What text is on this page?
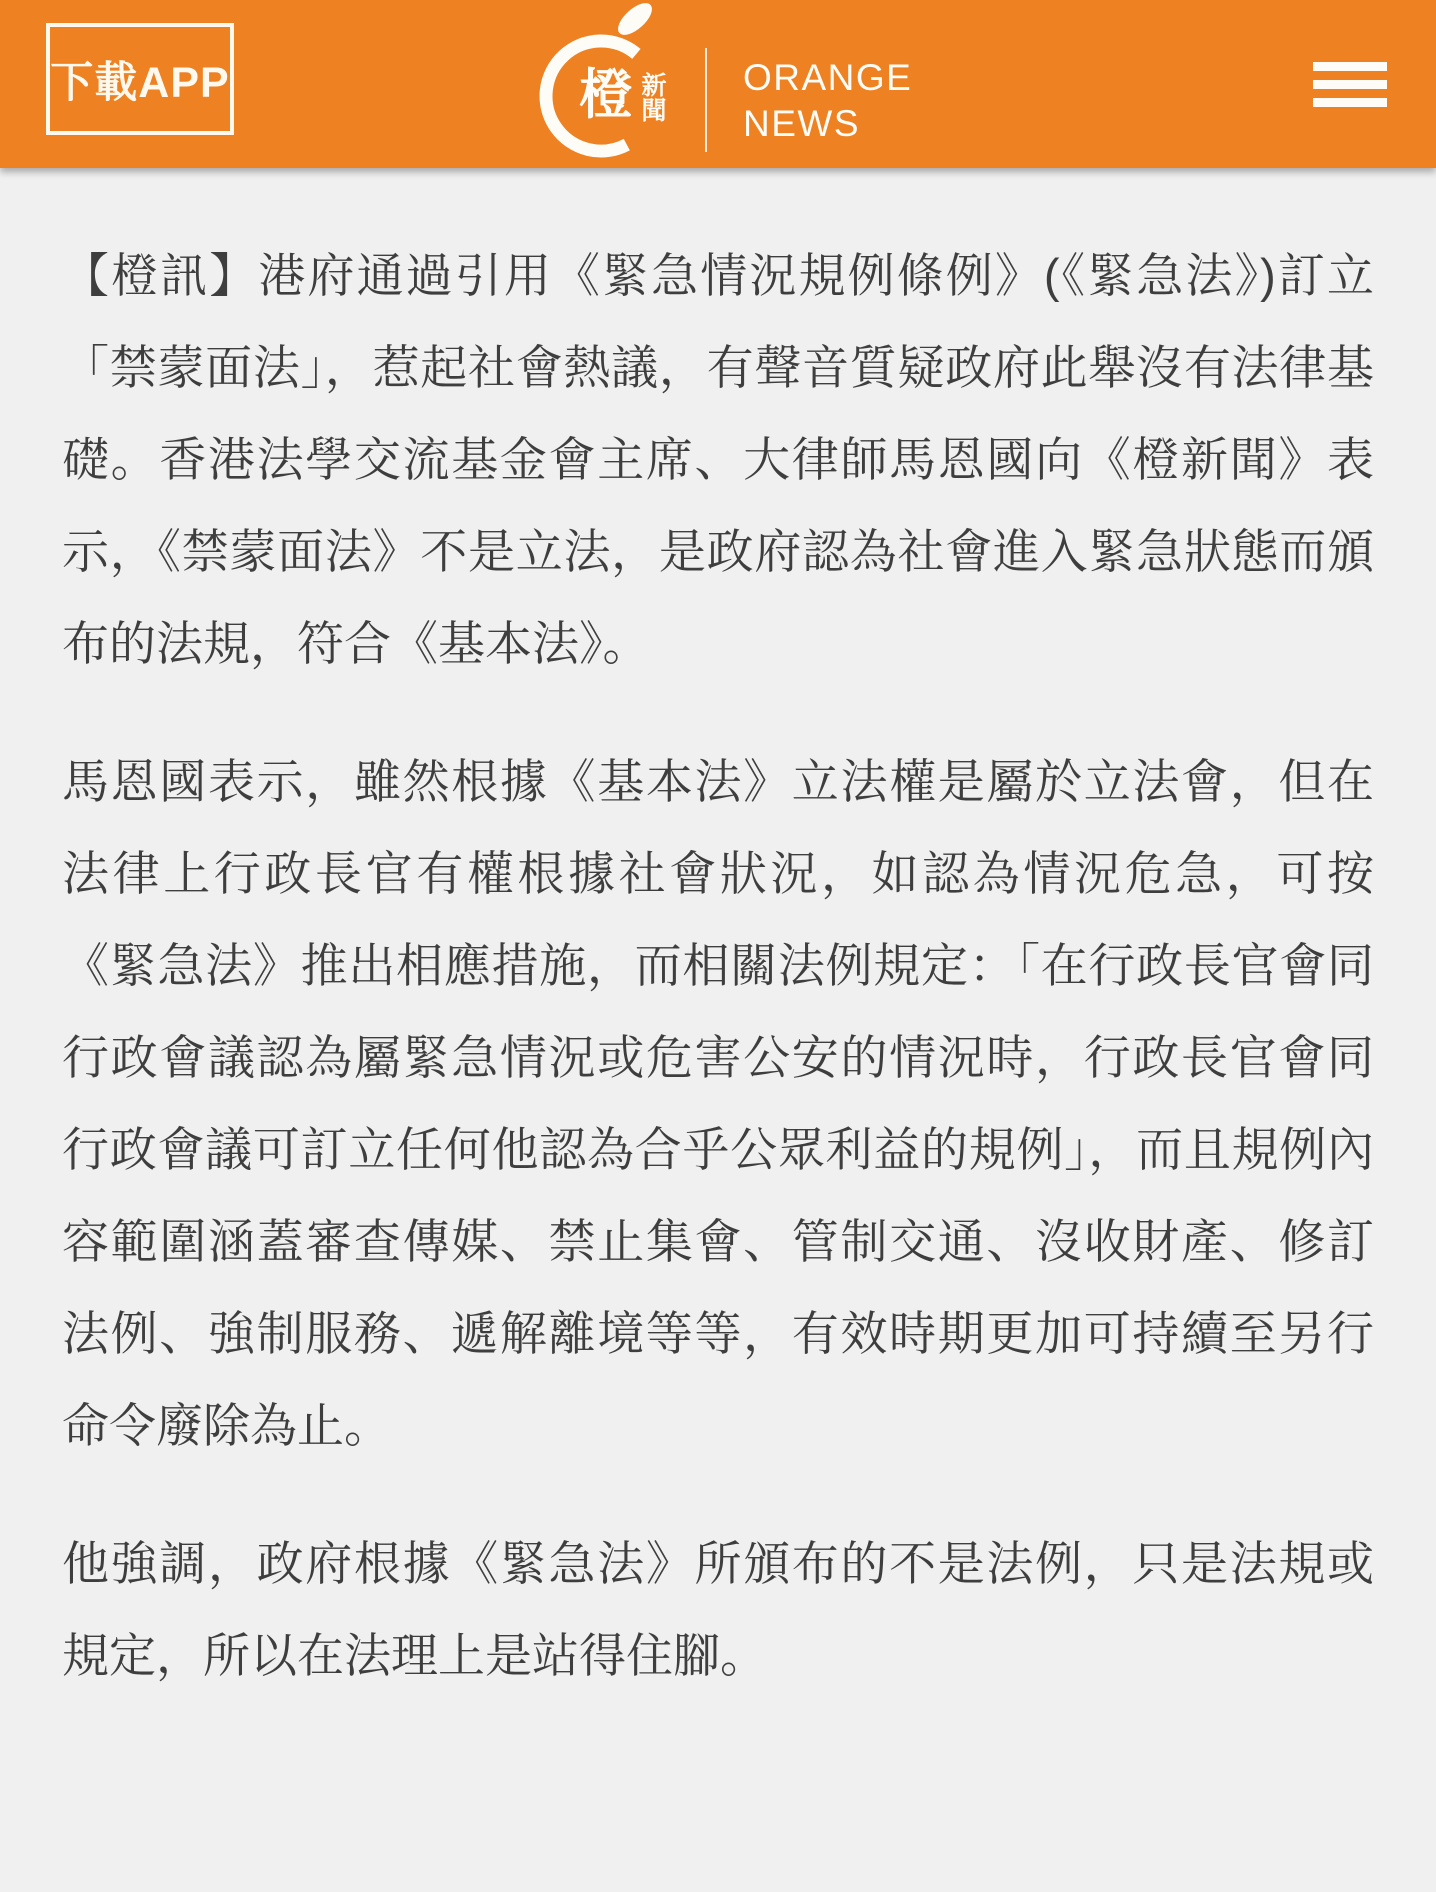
下載APP	橙 新
聞
ORANGE
NEWS

【橙訊】港府通過引用《緊急情況規例條例》(《緊急法》)訂立「禁蒙面法」，惹起社會熱議，有聲音質疑政府此舉沒有法律基礎。香港法學交流基金會主席、大律師馬恩國向《橙新聞》表示，《禁蒙面法》不是立法，是政府認為社會進入緊急狀態而頒布的法規，符合《基本法》。

馬恩國表示，雖然根據《基本法》立法權是屬於立法會，但在法律上行政長官有權根據社會狀況，如認為情況危急，可按《緊急法》推出相應措施，而相關法例規定：「在行政長官會同行政會議認為屬緊急情況或危害公安的情況時，行政長官會同行政會議可訂立任何他認為合乎公眾利益的規例」，而且規例內容範圍涵蓋審查傳媒、禁止集會、管制交通、沒收財產、修訂法例、強制服務、遞解離境等等，有效時期更加可持續至另行命令廢除為止。

他強調，政府根據《緊急法》所頒布的不是法例，只是法規或規定，所以在法理上是站得住腳。
